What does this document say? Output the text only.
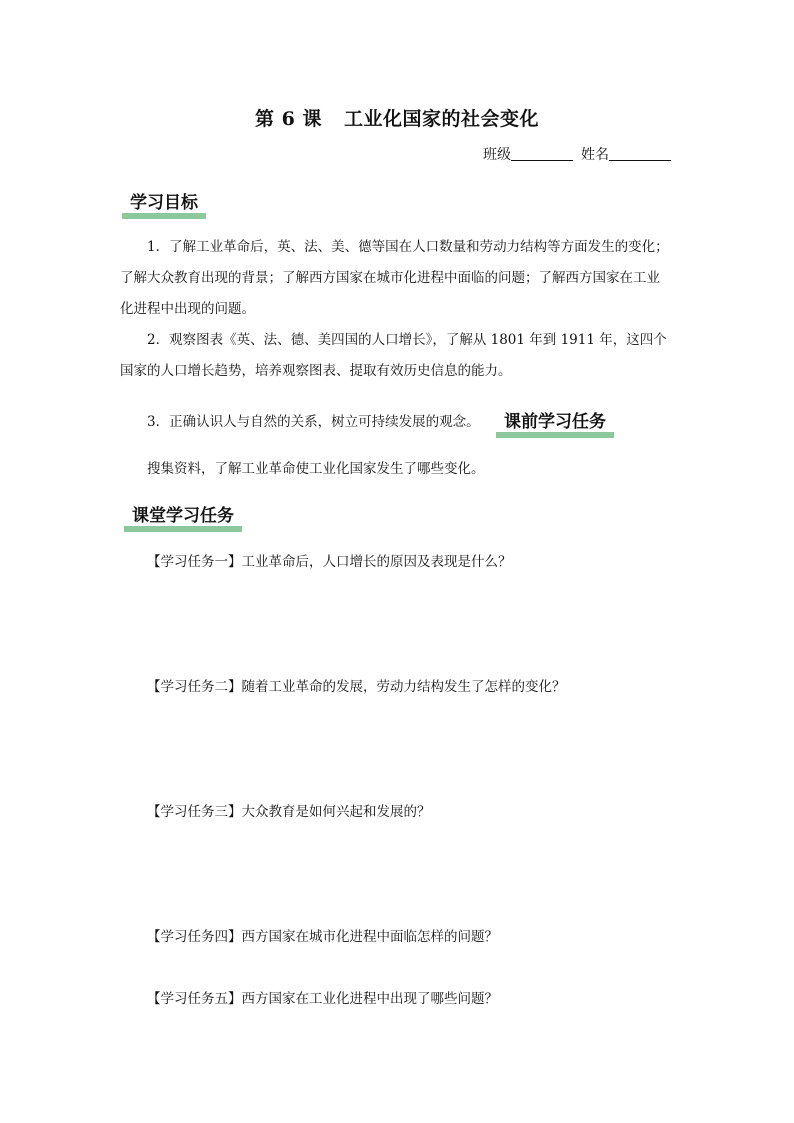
第 6 课 工业化国家的社会变化
班级	姓名
学习目标
1．了解工业革命后，英、法、美、德等国在人口数量和劳动力结构等方面发生的变化；
了解大众教育出现的背景；了解西方国家在城市化进程中面临的问题；了解西方国家在工业
化进程中出现的问题。
2．观察图表《英、法、德、美四国的人口增长》，了解从 1801 年到 1911 年，这四个
国家的人口增长趋势，培养观察图表、提取有效历史信息的能力。
3．正确认识人与自然的关系，树立可持续发展的观念。	课前学习任务
搜集资料，了解工业革命使工业化国家发生了哪些变化。
课堂学习任务
【学习任务一】工业革命后，人口增长的原因及表现是什么？
【学习任务二】随着工业革命的发展，劳动力结构发生了怎样的变化？
【学习任务三】大众教育是如何兴起和发展的？
【学习任务四】西方国家在城市化进程中面临怎样的问题？
【学习任务五】西方国家在工业化进程中出现了哪些问题？
